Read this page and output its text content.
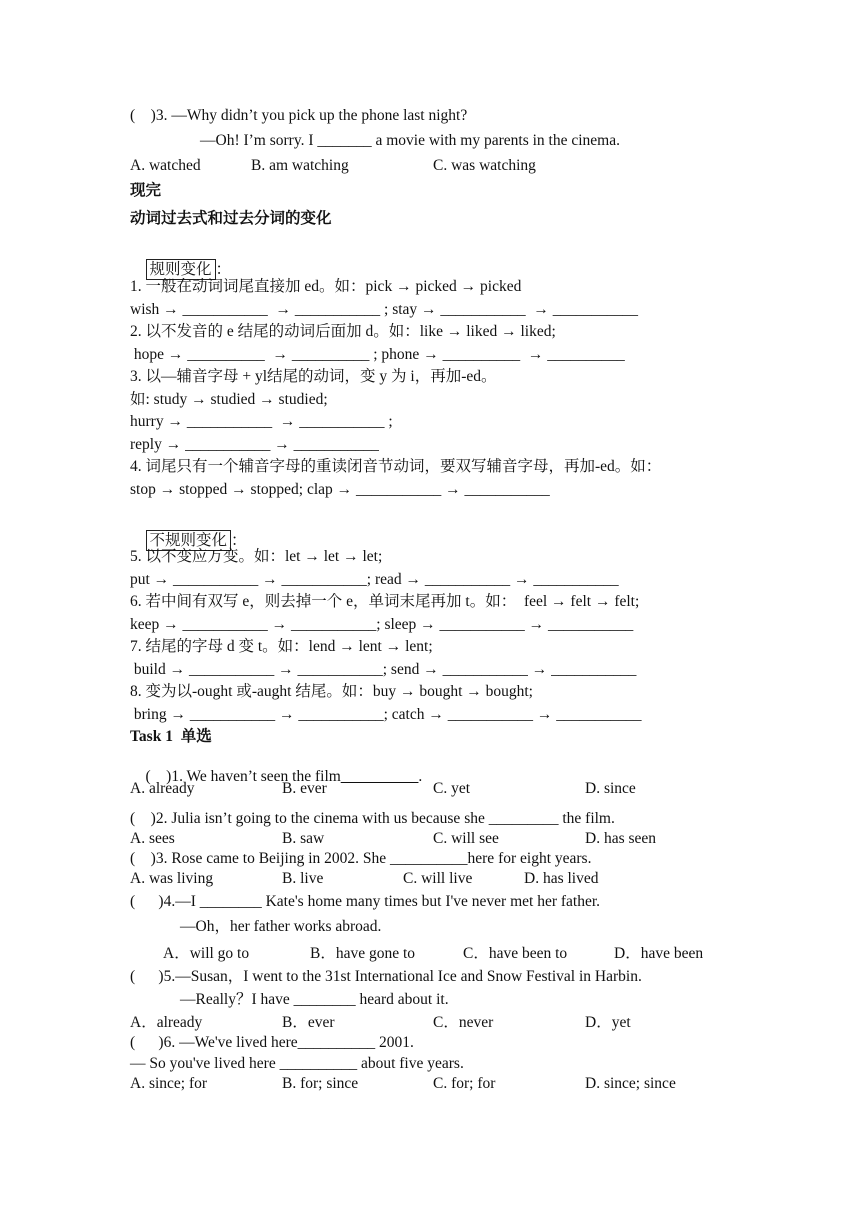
(    )3. —Why didn’t you pick up the phone last night?
—Oh! I’m sorry. I _______ a movie with my parents in the cinema.
A. watched	B. am watching	C. was watching
现完
动词过去式和过去分词的变化

规则变化 ：

1. 一般在动词词尾直接加 ed。如：pick → picked → picked
wish → ___________  → ___________ ; stay → ___________  → ___________
2. 以不发音的 e 结尾的动词后面加 d。如：like → liked → liked;
hope → __________  → __________ ; phone → __________  → __________
3. 以—辅音字母 + yl结尾的动词，变 y 为 i，再加-ed。
如: study → studied → studied;
hurry → ___________  → ___________ ;
reply → ___________ → ___________
4. 词尾只有一个辅音字母的重读闭音节动词，要双写辅音字母，再加-ed。如：
stop → stopped → stopped; clap → ___________ → ___________

不规则变化 ：

5. 以不变应万变。如：let → let → let;
put → ___________ → ___________; read → ___________ → ___________
6. 若中间有双写 e，则去掉一个 e，单词末尾再加 t。如：  feel → felt → felt;
keep → ___________ → ___________; sleep → ___________ → ___________
7. 结尾的字母 d 变 t。如：lend → lent → lent;
build → ___________ → ___________; send → ___________ → ___________
8. 变为以-ought 或-aught 结尾。如：buy → bought → bought;
bring → ___________ → ___________; catch → ___________ → ___________
Task 1  单选

(    )1. We haven’t seen the film__________.

A. already	B. ever	C. yet	D. since
(    )2. Julia isn’t going to the cinema with us because she _________ the film.
A. sees	B. saw	C. will see	D. has seen
(    )3. Rose came to Beijing in 2002. She __________here for eight years.
A. was living	B. live	C. will live	D. has lived
(      )4.—I ________ Kate's home many times but I've never met her father.
—Oh，her father works abroad.
A．will go to	B．have gone to	C．have been to	D．have been
(      )5.—Susan，I went to the 31st International Ice and Snow Festival in Harbin.
—Really？I have ________ heard about it.
A．already	B．ever	C．never	D．yet
(      )6. —We've lived here__________ 2001.
— So you've lived here __________ about five years.
A. since; for	B. for; since	C. for; for	D. since; since
